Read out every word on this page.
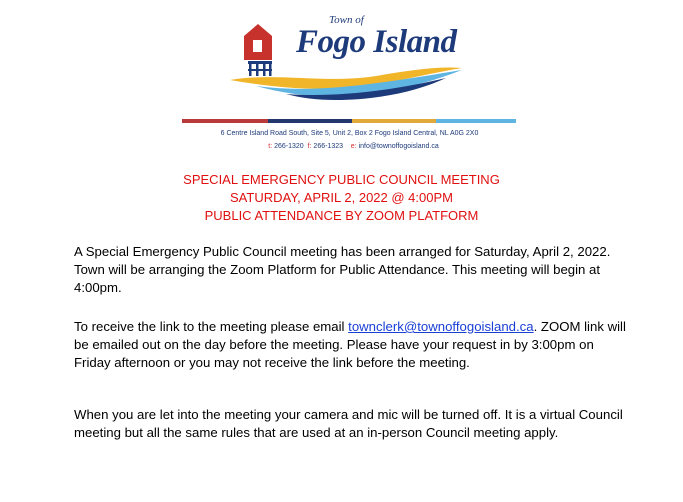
Town of
Fogo Island
6 Centre Island Road South, Site 5, Unit 2, Box 2 Fogo Island Central, NL A0G 2X0
t: 266-1320 f: 266-1323 e: info@townoffogoisland.ca
SPECIAL EMERGENCY PUBLIC COUNCIL MEETING
SATURDAY, APRIL 2, 2022 @ 4:00PM
PUBLIC ATTENDANCE BY ZOOM PLATFORM
A Special Emergency Public Council meeting has been arranged for Saturday, April 2, 2022. Town will be arranging the Zoom Platform for Public Attendance. This meeting will begin at 4:00pm.
To receive the link to the meeting please email townclerk@townoffogoisland.ca. ZOOM link will be emailed out on the day before the meeting. Please have your request in by 3:00pm on Friday afternoon or you may not receive the link before the meeting.
When you are let into the meeting your camera and mic will be turned off. It is a virtual Council meeting but all the same rules that are used at an in-person Council meeting apply.
